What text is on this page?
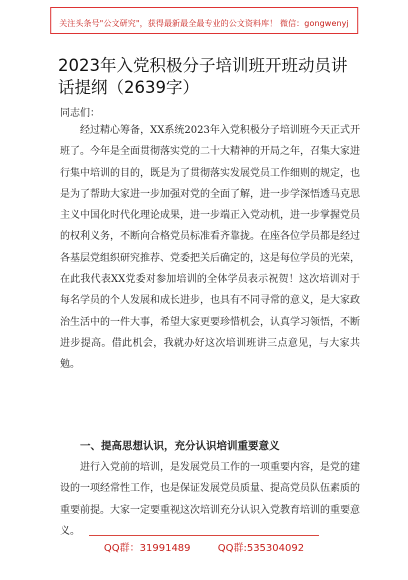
关注头条号"公文研究"，获得最新最全最专业的公文资料库！ 微信：gongwenyj
2023年入党积极分子培训班开班动员讲话提纲（2639字）

同志们：

经过精心筹备，XX系统2023年入党积极分子培训班今天正式开班了。今年是全面贯彻落实党的二十大精神的开局之年，召集大家进行集中培训的目的，既是为了贯彻落实发展党员工作细则的规定，也是为了帮助大家进一步加强对党的全面了解，进一步学深悟透马克思主义中国化时代化理论成果，进一步端正入党动机，进一步掌握党员的权利义务，不断向合格党员标准看齐靠拢。在座各位学员都是经过各基层党组织研究推荐、党委把关后确定的，这是每位学员的光荣，在此我代表XX党委对参加培训的全体学员表示祝贺！这次培训对于每名学员的个人发展和成长进步，也具有不同寻常的意义，是大家政治生活中的一件大事，希望大家更要珍惜机会，认真学习领悟，不断进步提高。借此机会，我就办好这次培训班讲三点意见，与大家共勉。

一、提高思想认识，充分认识培训重要意义

进行入党前的培训，是发展党员工作的一项重要内容，是党的建设的一项经常性工作，也是保证发展党员质量、提高党员队伍素质的重要前提。大家一定要重视这次培训充分认识入党教育培训的重要意义。

QQ群：31991489	QQ群:535304092
